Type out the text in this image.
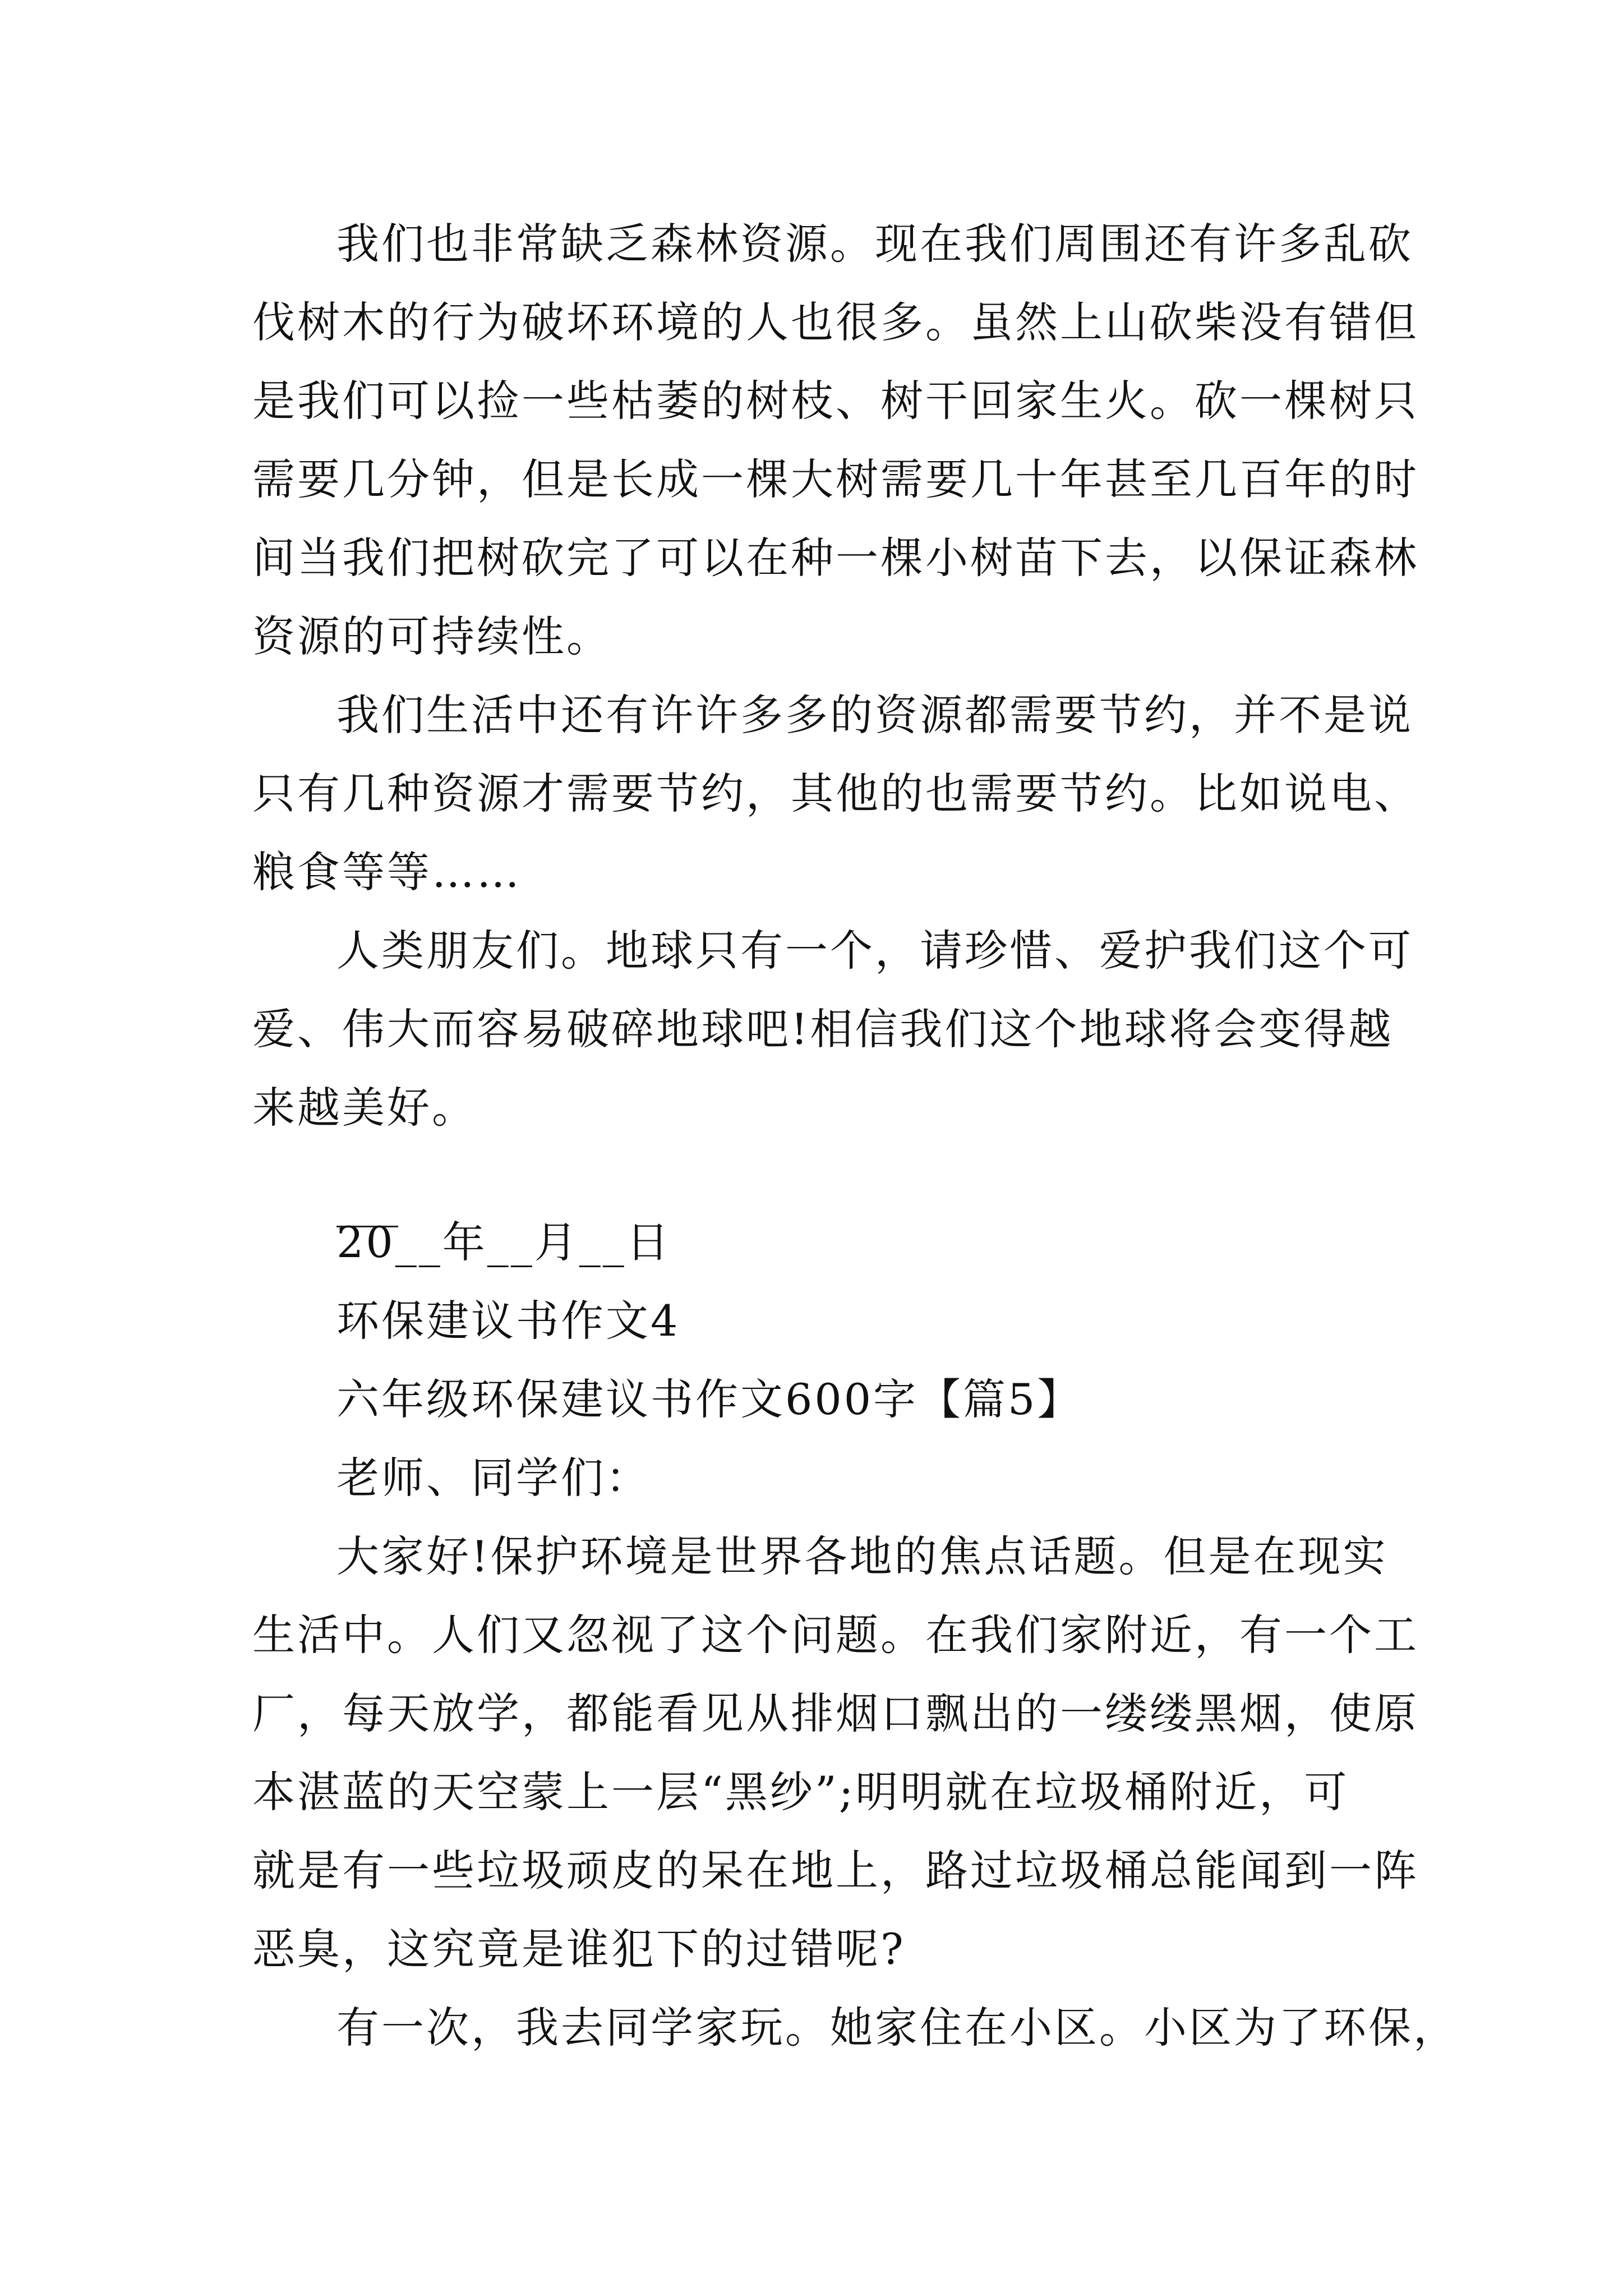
我们也非常缺乏森林资源。现在我们周围还有许多乱砍
伐树木的行为破坏环境的人也很多。虽然上山砍柴没有错但
是我们可以捡一些枯萎的树枝、树干回家生火。砍一棵树只
需要几分钟，但是长成一棵大树需要几十年甚至几百年的时
间当我们把树砍完了可以在种一棵小树苗下去，以保证森林
资源的可持续性。
我们生活中还有许许多多的资源都需要节约，并不是说
只有几种资源才需要节约，其他的也需要节约。比如说电、
粮食等等……
人类朋友们。地球只有一个，请珍惜、爱护我们这个可
爱、伟大而容易破碎地球吧!相信我们这个地球将会变得越
来越美好。
20__年__月__日
环保建议书作文4
六年级环保建议书作文600字【篇5】
老师、同学们：
大家好!保护环境是世界各地的焦点话题。但是在现实
生活中。人们又忽视了这个问题。在我们家附近，有一个工
厂，每天放学，都能看见从排烟口飘出的一缕缕黑烟，使原
本湛蓝的天空蒙上一层“黑纱”;明明就在垃圾桶附近，可
就是有一些垃圾顽皮的呆在地上，路过垃圾桶总能闻到一阵
恶臭，这究竟是谁犯下的过错呢?
有一次，我去同学家玩。她家住在小区。小区为了环保，
